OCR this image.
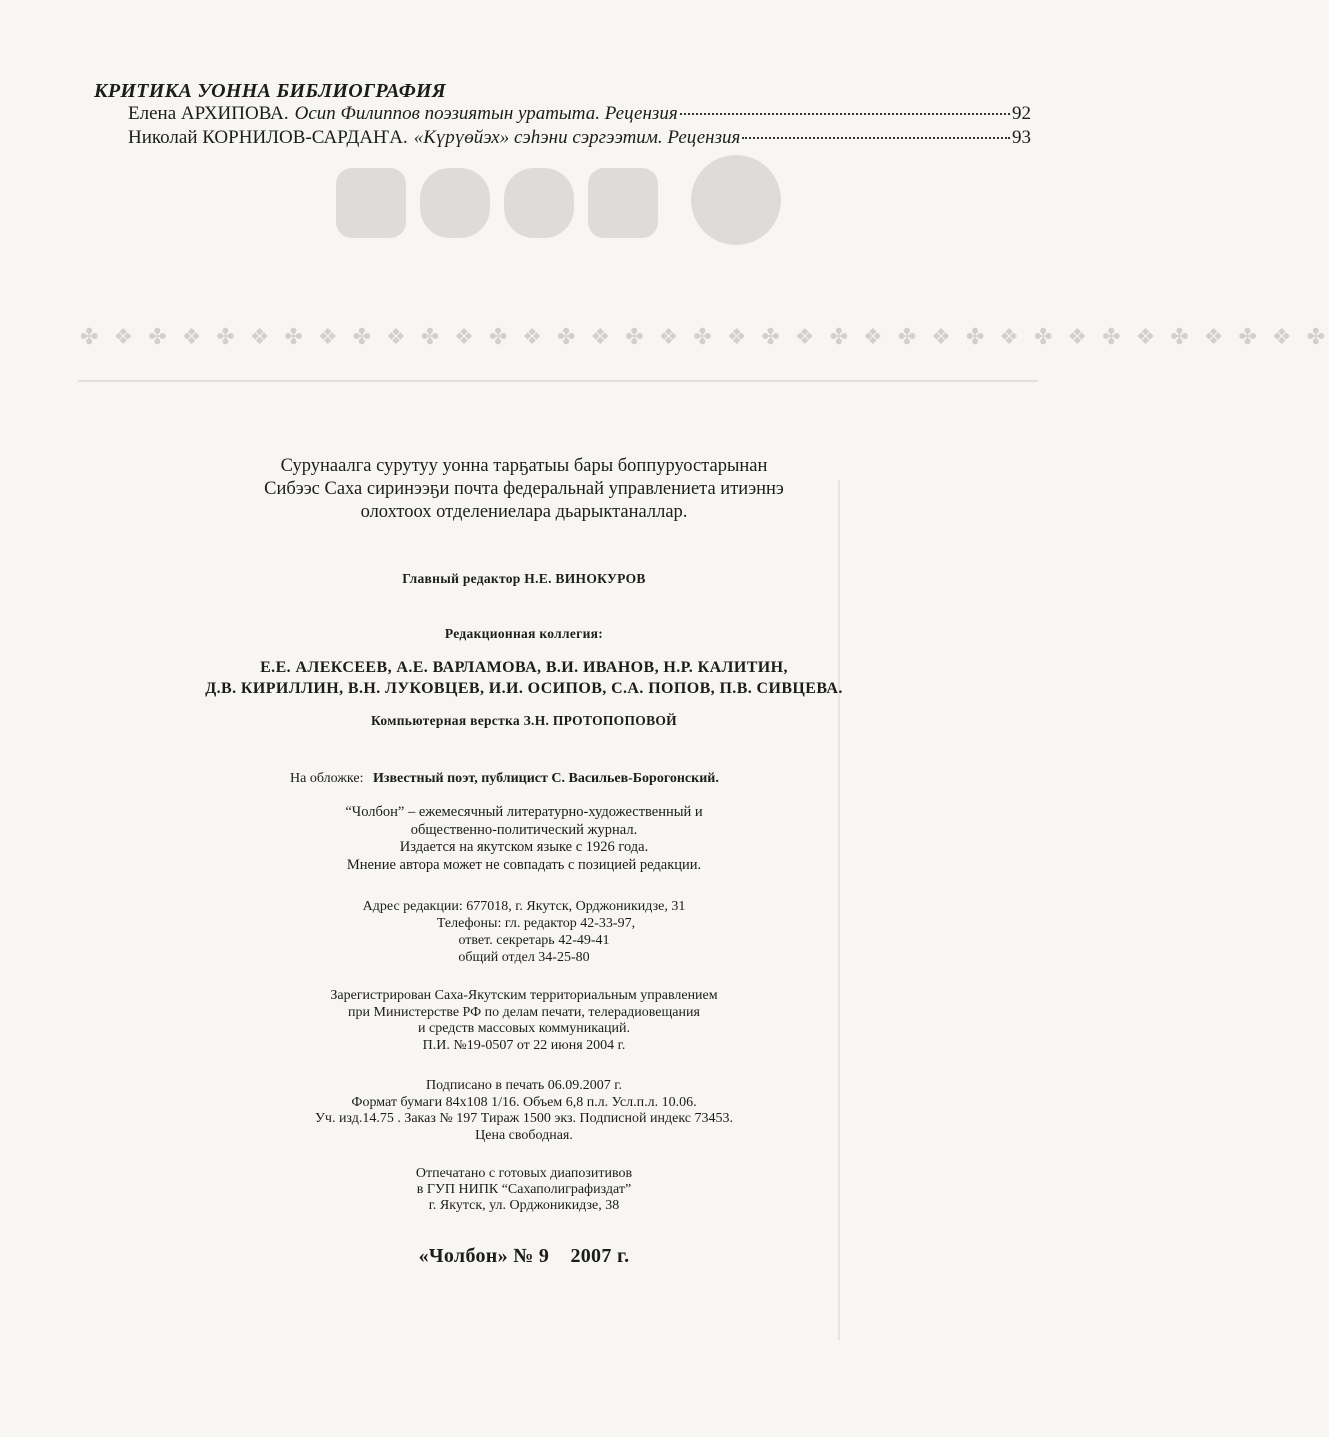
✤ ❖ ✤ ❖ ✤ ❖ ✤ ❖ ✤ ❖ ✤ ❖ ✤ ❖ ✤ ❖ ✤ ❖ ✤ ❖ ✤ ❖ ✤ ❖ ✤ ❖ ✤ ❖ ✤ ❖ ✤ ❖ ✤ ❖ ✤ ❖ ✤
КРИТИКА УОННА БИБЛИОГРАФИЯ
Елена АРХИПОВА. Осип Филиппов поэзиятын уратыта. Рецензия	92
Николай КОРНИЛОВ-САРДАҤА. «Күрүөйэх» сэһэни сэргээтим. Рецензия	93
Сурунаалга сурутуу уонна тарҕатыы бары боппуруостарынан
Сибээс Саха сиринээҕи почта федеральнай управлениета итиэннэ
олохтоох отделениелара дьарыктаналлар.
Главный редактор Н.Е. ВИНОКУРОВ
Редакционная коллегия:
Е.Е. АЛЕКСЕЕВ, А.Е. ВАРЛАМОВА, В.И. ИВАНОВ, Н.Р. КАЛИТИН,
Д.В. КИРИЛЛИН, В.Н. ЛУКОВЦЕВ, И.И. ОСИПОВ, С.А. ПОПОВ, П.В. СИВЦЕВА.
Компьютерная верстка З.Н. ПРОТОПОПОВОЙ
На обложке: Известный поэт, публицист С. Васильев-Борогонский.
“Чолбон” – ежемесячный литературно-художественный и
общественно-политический журнал.
Издается на якутском языке с 1926 года.
Мнение автора может не совпадать с позицией редакции.
Адрес редакции: 677018, г. Якутск, Орджоникидзе, 31
Телефоны: гл. редактор 42-33-97,
ответ. секретарь 42-49-41
общий отдел 34-25-80
Зарегистрирован Саха-Якутским территориальным управлением
при Министерстве РФ по делам печати, телерадиовещания
и средств массовых коммуникаций.
П.И. №19-0507 от 22 июня 2004 г.
Подписано в печать 06.09.2007 г.
Формат бумаги 84х108 1/16. Объем 6,8 п.л. Усл.п.л. 10.06.
Уч. изд.14.75 . Заказ № 197 Тираж 1500 экз. Подписной индекс 73453.
Цена свободная.
Отпечатано с готовых диапозитивов
в ГУП НИПК “Сахаполиграфиздат”
г. Якутск, ул. Орджоникидзе, 38
«Чолбон» № 9 2007 г.
